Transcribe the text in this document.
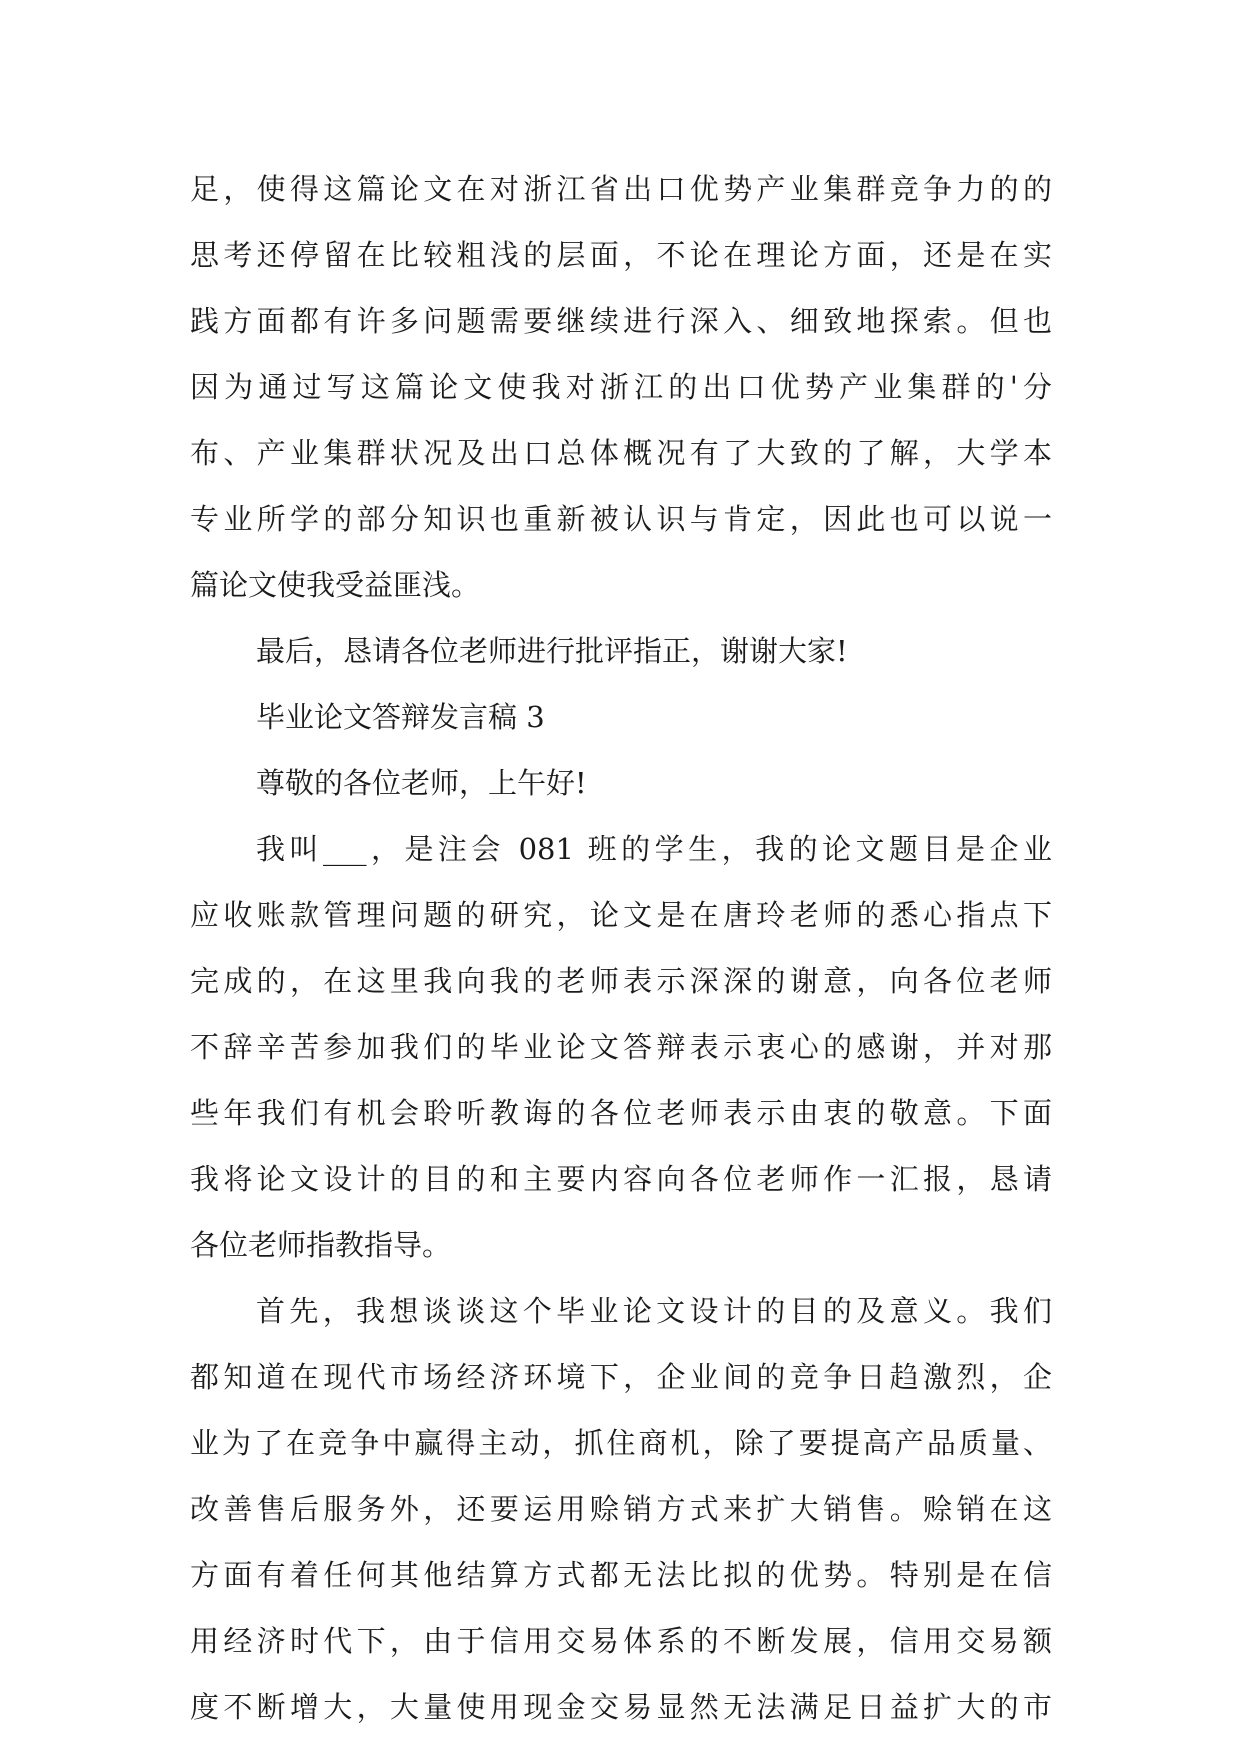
足，使得这篇论文在对浙江省出口优势产业集群竞争力的的
思考还停留在比较粗浅的层面，不论在理论方面，还是在实
践方面都有许多问题需要继续进行深入、细致地探索。但也
因为通过写这篇论文使我对浙江的出口优势产业集群的'分
布、产业集群状况及出口总体概况有了大致的了解，大学本
专业所学的部分知识也重新被认识与肯定，因此也可以说一
篇论文使我受益匪浅。
最后，恳请各位老师进行批评指正，谢谢大家!
毕业论文答辩发言稿 3
尊敬的各位老师，上午好!
我叫___，是注会 081 班的学生，我的论文题目是企业
应收账款管理问题的研究，论文是在唐玲老师的悉心指点下
完成的，在这里我向我的老师表示深深的谢意，向各位老师
不辞辛苦参加我们的毕业论文答辩表示衷心的感谢，并对那
些年我们有机会聆听教诲的各位老师表示由衷的敬意。下面
我将论文设计的目的和主要内容向各位老师作一汇报，恳请
各位老师指教指导。
首先，我想谈谈这个毕业论文设计的目的及意义。我们
都知道在现代市场经济环境下，企业间的竞争日趋激烈，企
业为了在竞争中赢得主动，抓住商机，除了要提高产品质量、
改善售后服务外，还要运用赊销方式来扩大销售。赊销在这
方面有着任何其他结算方式都无法比拟的优势。特别是在信
用经济时代下，由于信用交易体系的不断发展，信用交易额
度不断增大，大量使用现金交易显然无法满足日益扩大的市
